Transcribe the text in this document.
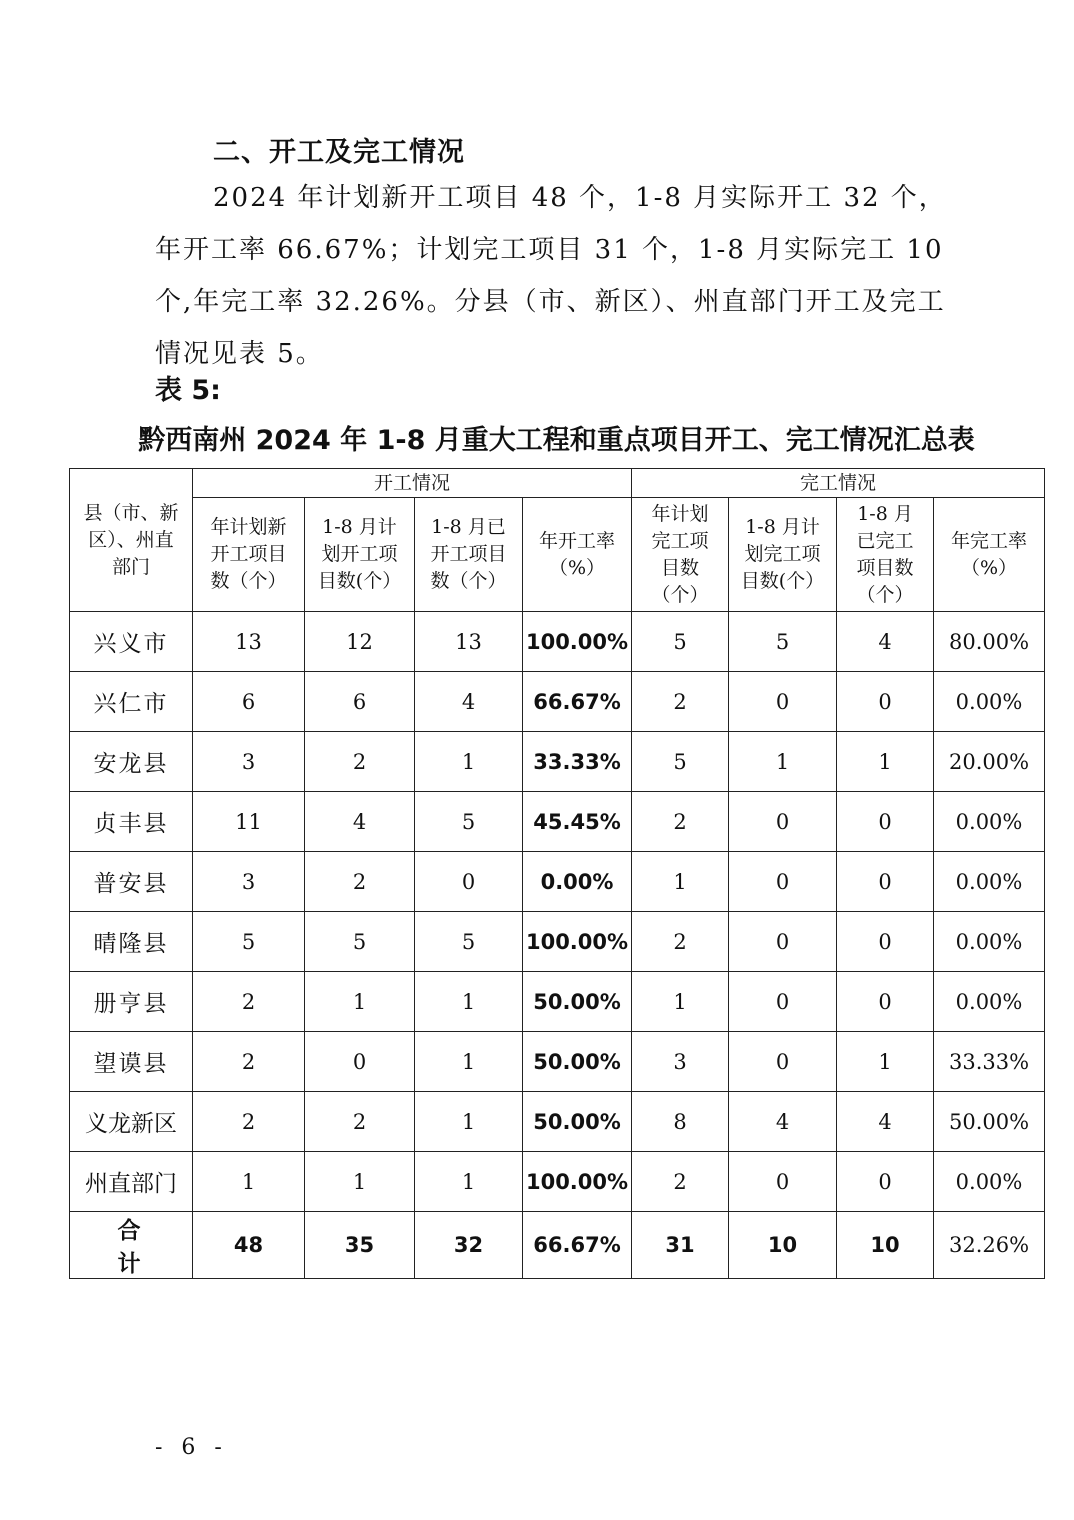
二、开工及完工情况
2024 年计划新开工项目 48 个，1-8 月实际开工 32 个，年开工率 66.67%；计划完工项目 31 个，1-8 月实际完工 10 个,年完工率 32.26%。分县（市、新区）、州直部门开工及完工情况见表 5。
表 5:
黔西南州 2024 年 1-8 月重大工程和重点项目开工、完工情况汇总表
县（市、新区）、州直部门	开工情况				完工情况			
	年计划新开工项目数（个）	1-8 月计划开工项目数(个）	1-8 月已开工项目数（个）	年开工率（%）	年计划完工项目数（个）	1-8 月计划完工项目数(个）	1-8 月已完工项目数（个）	年完工率（%）
兴义市	13	12	13	100.00%	5	5	4	80.00%
兴仁市	6	6	4	66.67%	2	0	0	0.00%
安龙县	3	2	1	33.33%	5	1	1	20.00%
贞丰县	11	4	5	45.45%	2	0	0	0.00%
普安县	3	2	0	0.00%	1	0	0	0.00%
晴隆县	5	5	5	100.00%	2	0	0	0.00%
册亨县	2	1	1	50.00%	1	0	0	0.00%
望谟县	2	0	1	50.00%	3	0	1	33.33%
义龙新区	2	2	1	50.00%	8	4	4	50.00%
州直部门	1	1	1	100.00%	2	0	0	0.00%
合计	48	35	32	66.67%	31	10	10	32.26%
- 6 -
